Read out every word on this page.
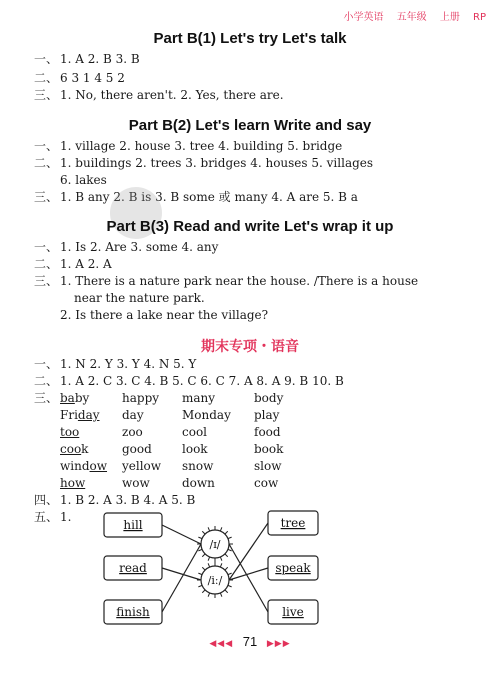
小学英语 五年级 上册 RP
Part B(1) Let's try Let's talk
一、 1. A 2. B 3. B
二、 6 3 1 4 5 2
三、 1. No, there aren't. 2. Yes, there are.
Part B(2) Let's learn Write and say
一、 1. village 2. house 3. tree 4. building 5. bridge
二、 1. buildings 2. trees 3. bridges 4. houses 5. villages
6. lakes
三、 1. B any 2. B is 3. B some 或 many 4. A are 5. B a
Part B(3) Read and write Let's wrap it up
一、 1. Is 2. Are 3. some 4. any
二、 1. A 2. A
三、 1. There is a nature park near the house. /There is a house
near the nature park.
2. Is there a lake near the village?
期末专项・语音
一、 1. N 2. Y 3. Y 4. N 5. Y
二、 1. A 2. C 3. C 4. B 5. C 6. C 7. A 8. A 9. B 10. B
三、
四、 1. B 2. A 3. B 4. A 5. B
五、 1.
hill
read
finish
tree
speak
live
/ɪ/
/iː/
◀◀◀ 71 ▶▶▶
baby	happy many	body
Friday day	Monday play
too	zoo	cool	food
cook	good	look	book
window yellow snow	slow
how	wow	down	cow
